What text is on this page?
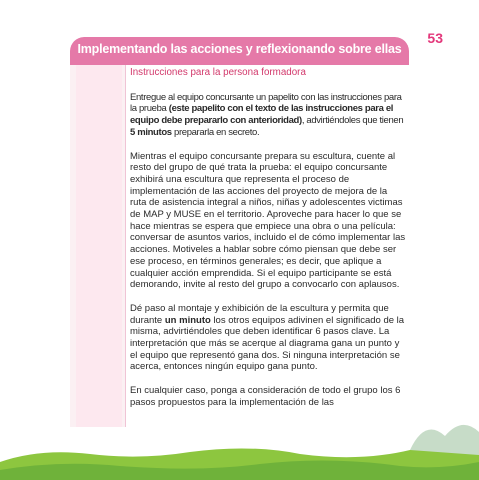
53
Implementando las acciones y reflexionando sobre ellas

Instrucciones para la persona formadora

Entregue al equipo concursante un papelito con las instrucciones para la prueba (este papelito con el texto de las instrucciones para el equipo debe prepararlo con anterioridad), advirtiéndoles que tienen 5 minutos prepararla en secreto.

Mientras el equipo concursante prepara su escultura, cuente al resto del grupo de qué trata la prueba: el equipo concursante exhibirá una escultura que representa el proceso de implementación de las acciones del proyecto de mejora de la ruta de asistencia integral a niños, niñas y adolescentes victimas de MAP y MUSE en el territorio. Aproveche para hacer lo que se hace mientras se espera que empiece una obra o una película: conversar de asuntos varios, incluido el de cómo implementar las acciones. Motiveles a hablar sobre cómo piensan que debe ser ese proceso, en términos generales; es decir, que aplique a cualquier acción emprendida. Si el equipo participante se está demorando, invite al resto del grupo a convocarlo con aplausos.

Dé paso al montaje y exhibición de la escultura y permita que durante un minuto los otros equipos adivinen el significado de la misma, advirtiéndoles que deben identificar 6 pasos clave. La interpretación que más se acerque al diagrama gana un punto y el equipo que representó gana dos. Si ninguna interpretación se acerca, entonces ningún equipo gana punto.

En cualquier caso, ponga a consideración de todo el grupo los 6 pasos propuestos para la implementación de las
